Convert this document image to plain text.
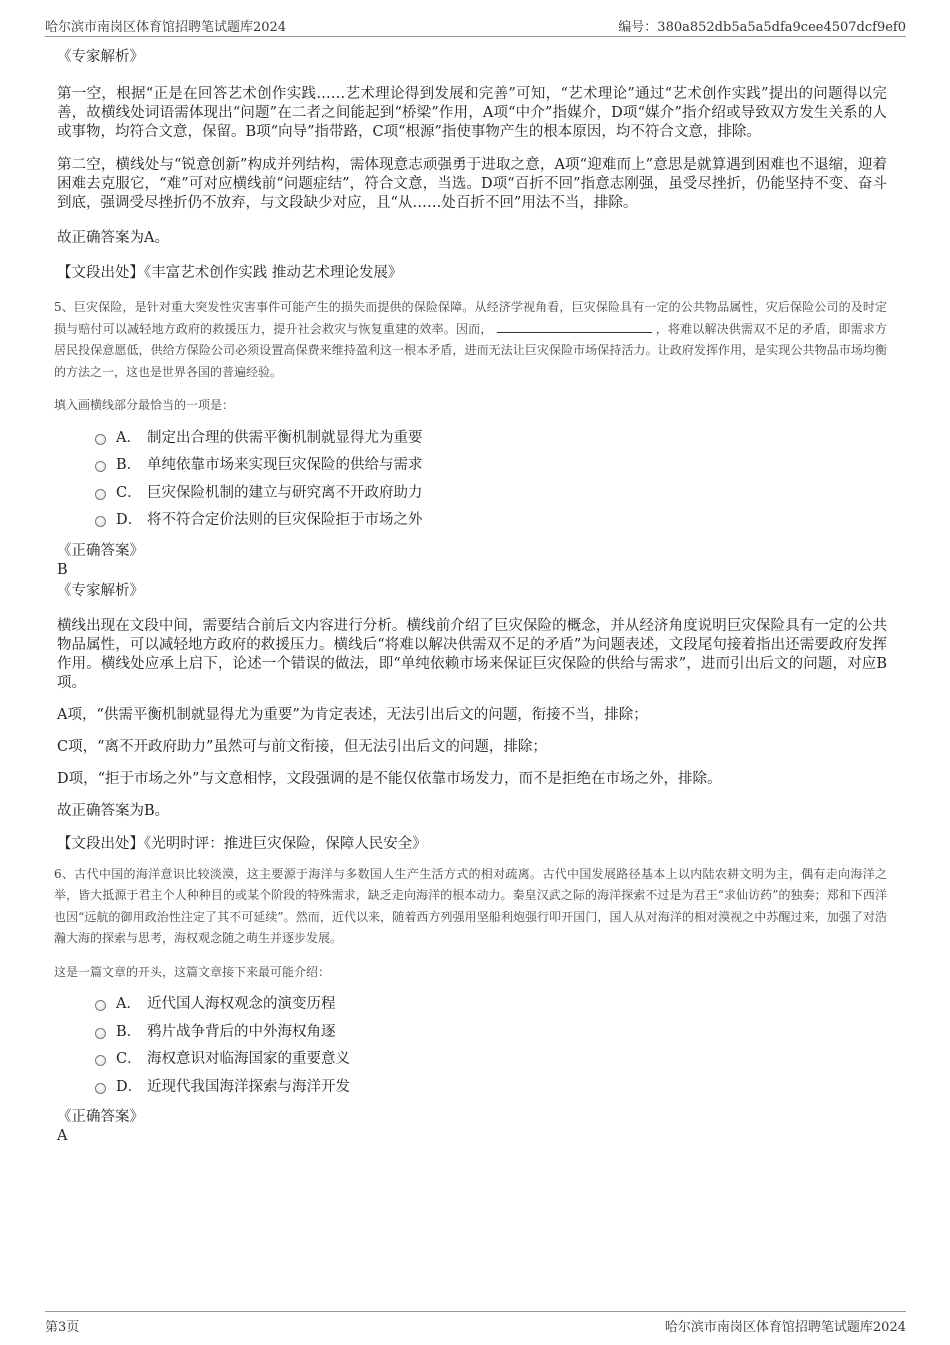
哈尔滨市南岗区体育馆招聘笔试题库2024	编号：380a852db5a5a5dfa9cee4507dcf9ef0

《专家解析》

第一空，根据“正是在回答艺术创作实践……艺术理论得到发展和完善”可知，“艺术理论”通过“艺术创作实践”提出的问题得以完善，故横线处词语需体现出“问题”在二者之间能起到“桥梁”作用，A项“中介”指媒介，D项“媒介”指介绍或导致双方发生关系的人或事物，均符合文意，保留。B项“向导”指带路，C项“根源”指使事物产生的根本原因，均不符合文意，排除。

第二空，横线处与“锐意创新”构成并列结构，需体现意志顽强勇于进取之意，A项“迎难而上”意思是就算遇到困难也不退缩，迎着困难去克服它，“难”可对应横线前“问题症结”，符合文意，当选。D项“百折不回”指意志刚强，虽受尽挫折，仍能坚持不变、奋斗到底，强调受尽挫折仍不放弃，与文段缺少对应，且“从……处百折不回”用法不当，排除。

故正确答案为A。

【文段出处】《丰富艺术创作实践 推动艺术理论发展》

5、巨灾保险，是针对重大突发性灾害事件可能产生的损失而提供的保险保障。从经济学视角看，巨灾保险具有一定的公共物品属性，灾后保险公司的及时定损与赔付可以减轻地方政府的救援压力，提升社会救灾与恢复重建的效率。因而，	，将难以解决供需双不足的矛盾，即需求方居民投保意愿低，供给方保险公司必须设置高保费来维持盈利这一根本矛盾，进而无法让巨灾保险市场保持活力。让政府发挥作用，是实现公共物品市场均衡的方法之一，这也是世界各国的普遍经验。

填入画横线部分最恰当的一项是：

A． 制定出合理的供需平衡机制就显得尤为重要
B． 单纯依靠市场来实现巨灾保险的供给与需求
C． 巨灾保险机制的建立与研究离不开政府助力
D． 将不符合定价法则的巨灾保险拒于市场之外

《正确答案》

B

《专家解析》

横线出现在文段中间，需要结合前后文内容进行分析。横线前介绍了巨灾保险的概念，并从经济角度说明巨灾保险具有一定的公共物品属性，可以减轻地方政府的救援压力。横线后“将难以解决供需双不足的矛盾”为问题表述，文段尾句接着指出还需要政府发挥作用。横线处应承上启下，论述一个错误的做法，即“单纯依赖市场来保证巨灾保险的供给与需求”，进而引出后文的问题，对应B项。

A项，“供需平衡机制就显得尤为重要”为肯定表述，无法引出后文的问题，衔接不当，排除；

C项，“离不开政府助力”虽然可与前文衔接，但无法引出后文的问题，排除；

D项，“拒于市场之外”与文意相悖，文段强调的是不能仅依靠市场发力，而不是拒绝在市场之外，排除。

故正确答案为B。

【文段出处】《光明时评：推进巨灾保险，保障人民安全》

6、古代中国的海洋意识比较淡漠，这主要源于海洋与多数国人生产生活方式的相对疏离。古代中国发展路径基本上以内陆农耕文明为主，偶有走向海洋之举，皆大抵源于君主个人种种目的或某个阶段的特殊需求，缺乏走向海洋的根本动力。秦皇汉武之际的海洋探索不过是为君王“求仙访药”的独奏；郑和下西洋也因“远航的御用政治性注定了其不可延续”。然而，近代以来，随着西方列强用坚船利炮强行叩开国门，国人从对海洋的相对漠视之中苏醒过来，加强了对浩瀚大海的探索与思考，海权观念随之萌生并逐步发展。

这是一篇文章的开头，这篇文章接下来最可能介绍：

A． 近代国人海权观念的演变历程
B． 鸦片战争背后的中外海权角逐
C． 海权意识对临海国家的重要意义
D． 近现代我国海洋探索与海洋开发

《正确答案》

A

第3页	哈尔滨市南岗区体育馆招聘笔试题库2024
